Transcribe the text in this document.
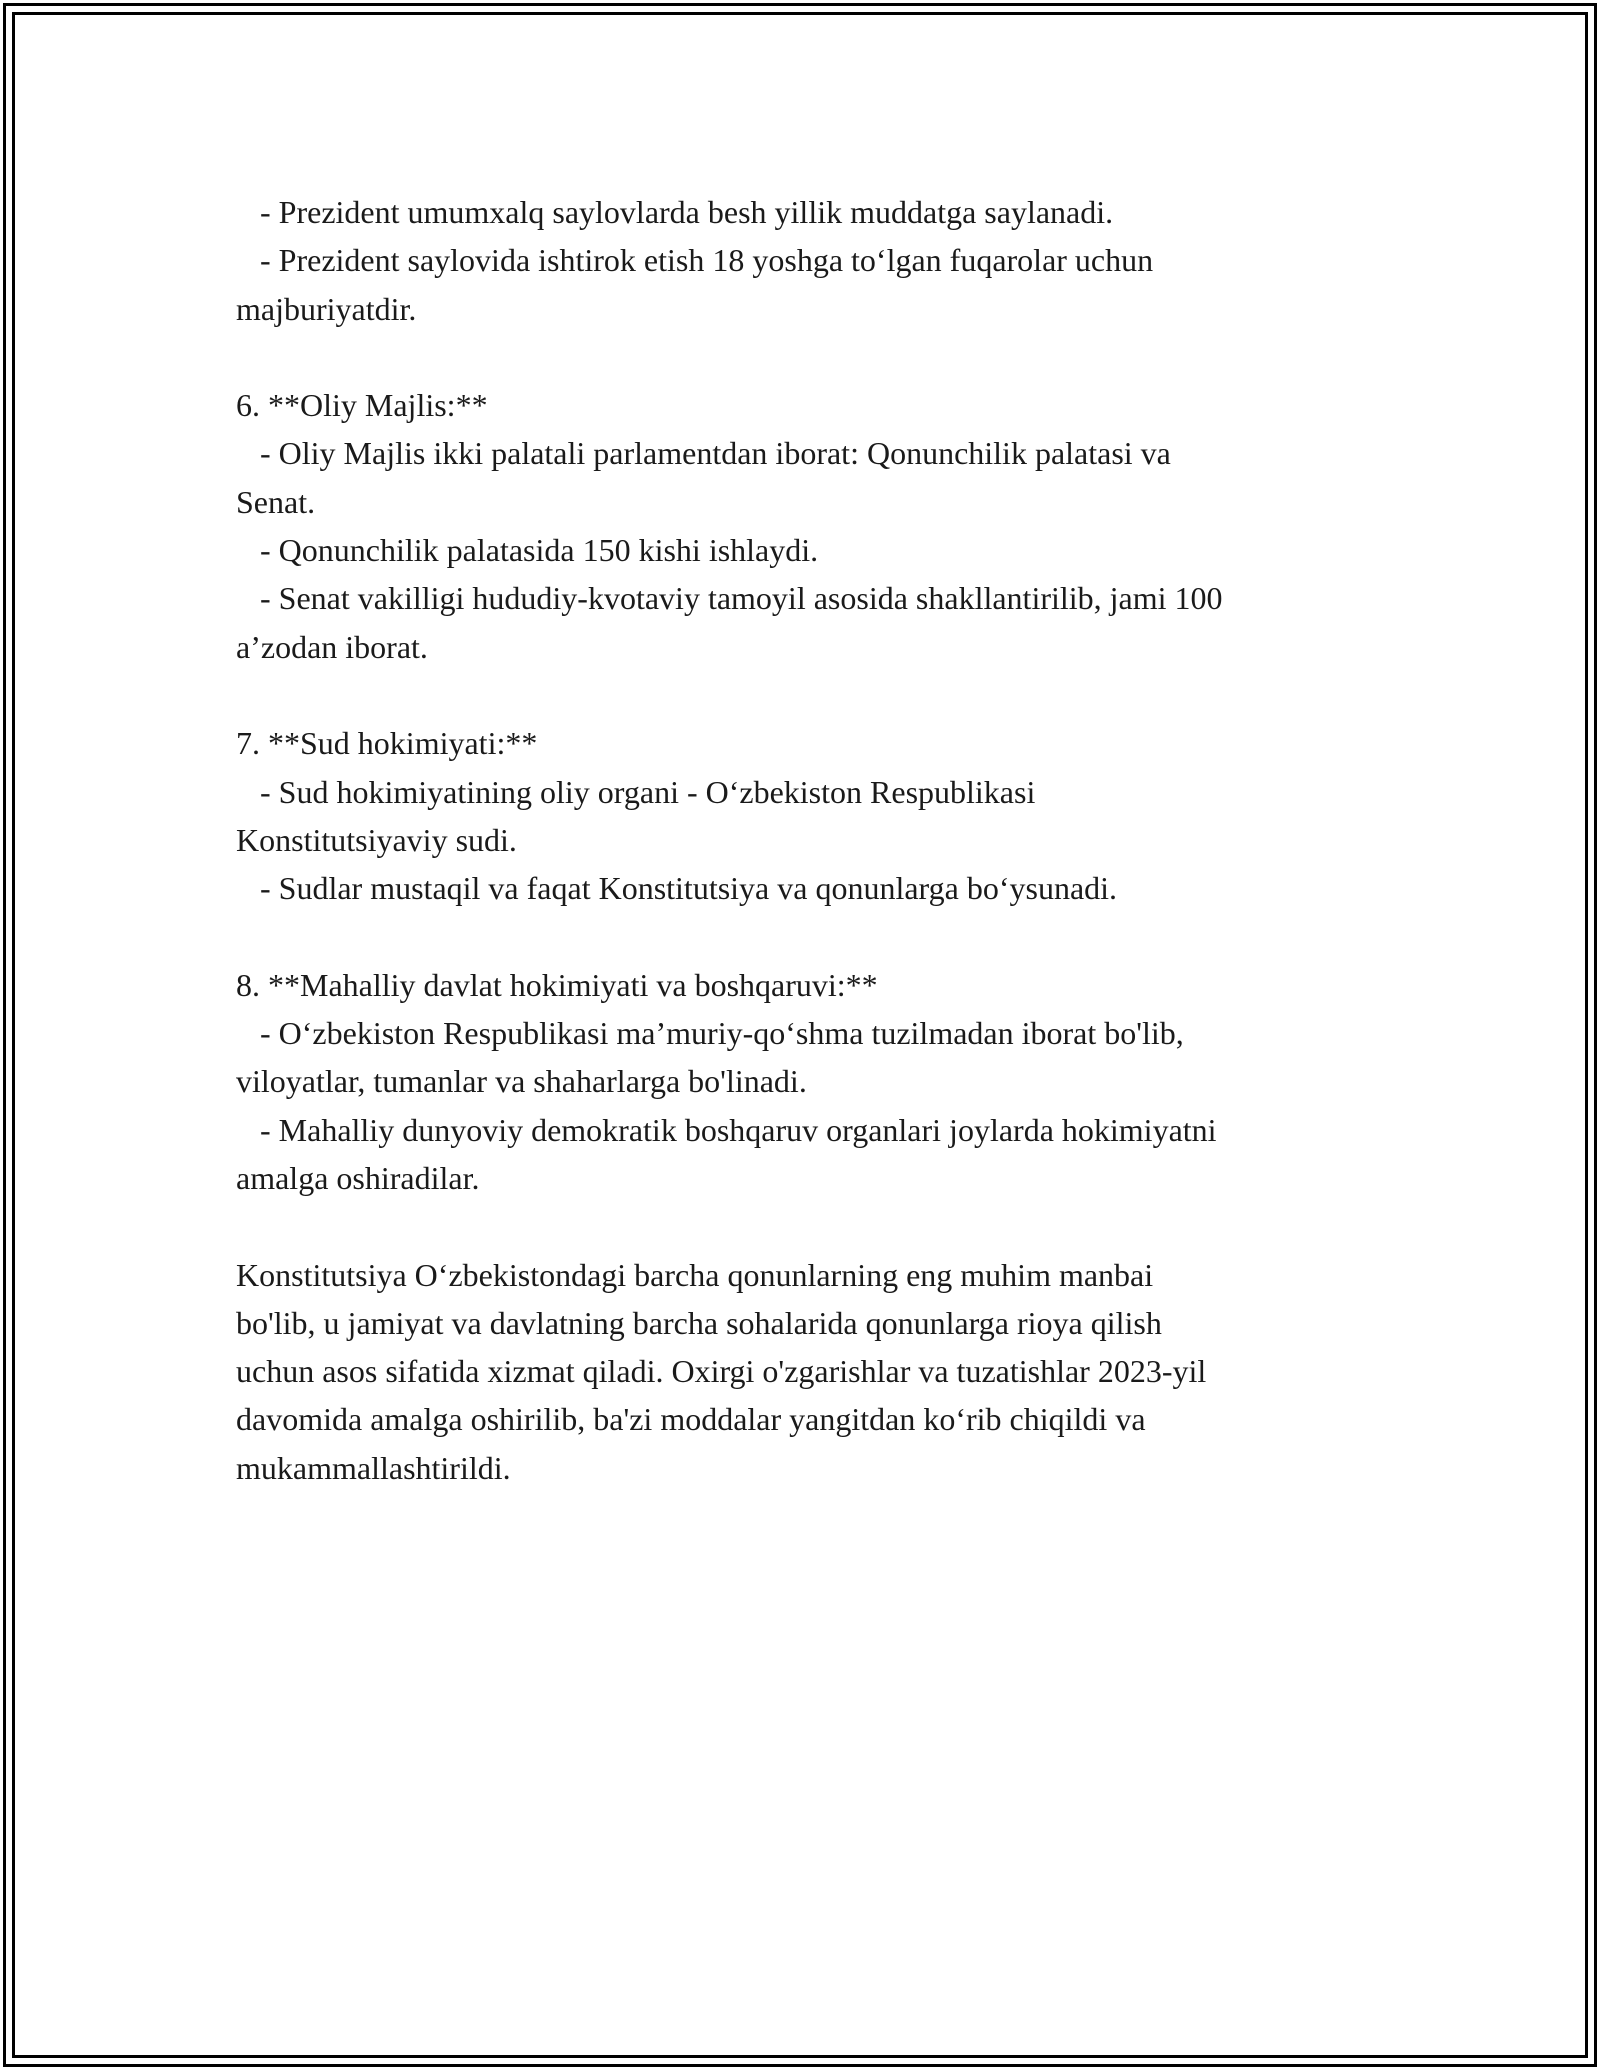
- Prezident umumxalq saylovlarda besh yillik muddatga saylanadi.
- Prezident saylovida ishtirok etish 18 yoshga to‘lgan fuqarolar uchun
majburiyatdir.
6. **Oliy Majlis:**
- Oliy Majlis ikki palatali parlamentdan iborat: Qonunchilik palatasi va
Senat.
- Qonunchilik palatasida 150 kishi ishlaydi.
- Senat vakilligi hududiy-kvotaviy tamoyil asosida shakllantirilib, jami 100
a’zodan iborat.
7. **Sud hokimiyati:**
- Sud hokimiyatining oliy organi - O‘zbekiston Respublikasi
Konstitutsiyaviy sudi.
- Sudlar mustaqil va faqat Konstitutsiya va qonunlarga bo‘ysunadi.
8. **Mahalliy davlat hokimiyati va boshqaruvi:**
- O‘zbekiston Respublikasi ma’muriy-qo‘shma tuzilmadan iborat bo'lib,
viloyatlar, tumanlar va shaharlarga bo'linadi.
- Mahalliy dunyoviy demokratik boshqaruv organlari joylarda hokimiyatni
amalga oshiradilar.
Konstitutsiya O‘zbekistondagi barcha qonunlarning eng muhim manbai
bo'lib, u jamiyat va davlatning barcha sohalarida qonunlarga rioya qilish
uchun asos sifatida xizmat qiladi. Oxirgi o'zgarishlar va tuzatishlar 2023-yil
davomida amalga oshirilib, ba'zi moddalar yangitdan ko‘rib chiqildi va
mukammallashtirildi.
